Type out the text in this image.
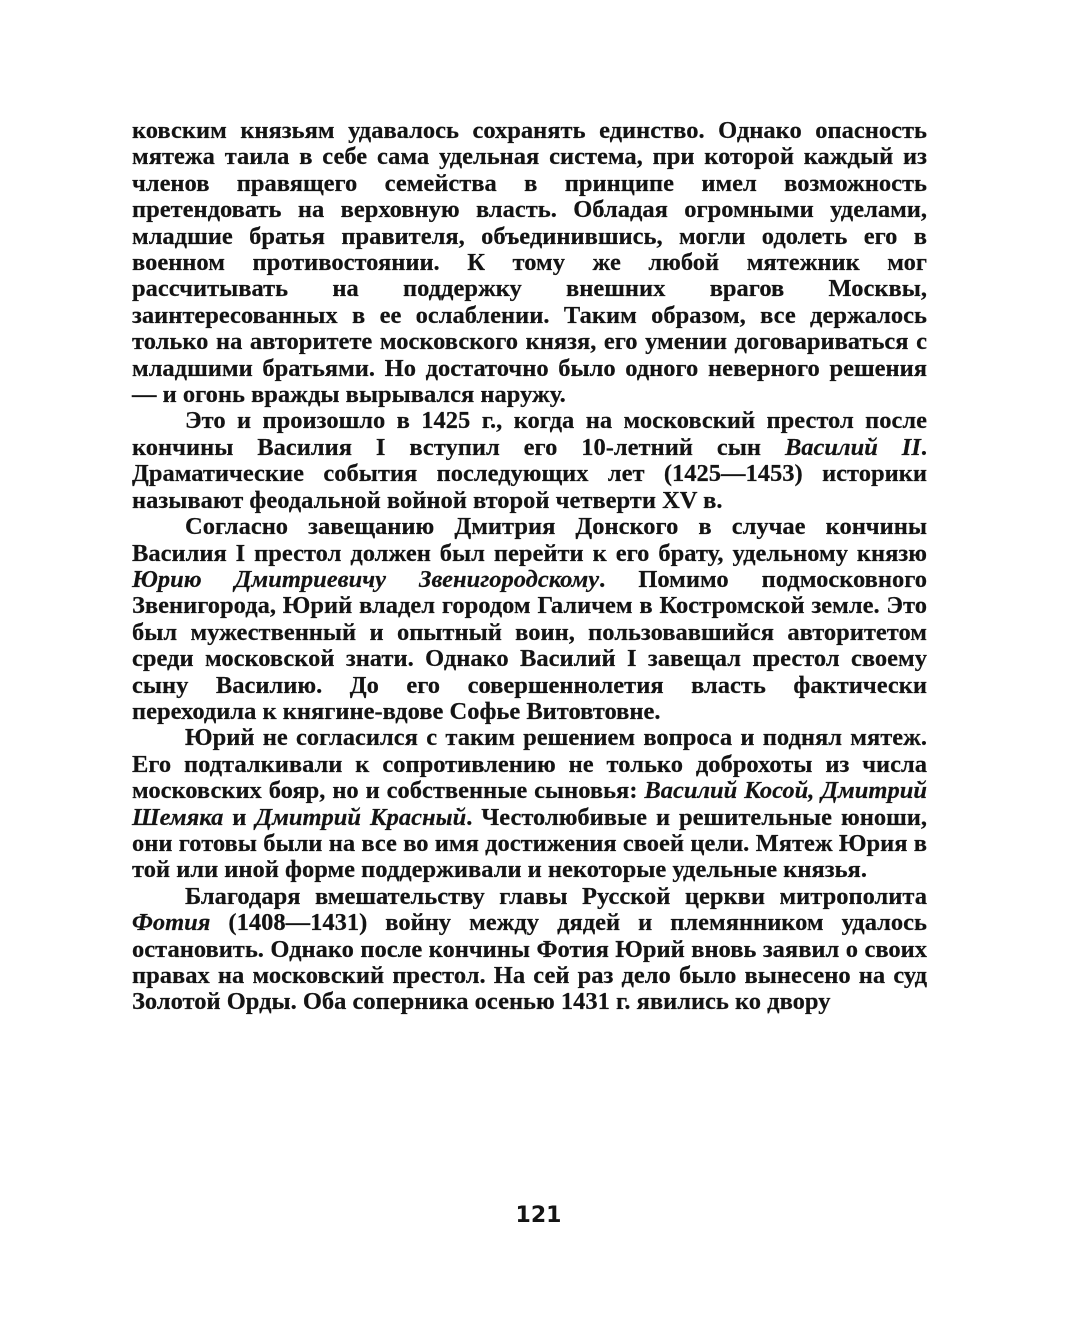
ковским князьям удавалось сохранять единство. Однако опасность мятежа таила в себе сама удельная система, при которой каждый из членов правящего семейства в принципе имел возможность претендовать на верховную власть. Обладая огромными уделами, младшие братья правителя, объединившись, могли одолеть его в военном противостоянии. К тому же любой мятежник мог рассчитывать на поддержку внешних врагов Москвы, заинтересованных в ее ослаблении. Таким образом, все держалось только на авторитете московского князя, его умении договариваться с младшими братьями. Но достаточно было одного неверного решения — и огонь вражды вырывался наружу.

Это и произошло в 1425 г., когда на московский престол после кончины Василия I вступил его 10-летний сын Василий II. Драматические события последующих лет (1425—1453) историки называют феодальной войной второй четверти XV в.

Согласно завещанию Дмитрия Донского в случае кончины Василия I престол должен был перейти к его брату, удельному князю Юрию Дмитриевичу Звенигородскому. Помимо подмосковного Звенигорода, Юрий владел городом Галичем в Костромской земле. Это был мужественный и опытный воин, пользовавшийся авторитетом среди московской знати. Однако Василий I завещал престол своему сыну Василию. До его совершеннолетия власть фактически переходила к княгине-вдове Софье Витовтовне.

Юрий не согласился с таким решением вопроса и поднял мятеж. Его подталкивали к сопротивлению не только доброхоты из числа московских бояр, но и собственные сыновья: Василий Косой, Дмитрий Шемяка и Дмитрий Красный. Честолюбивые и решительные юноши, они готовы были на все во имя достижения своей цели. Мятеж Юрия в той или иной форме поддерживали и некоторые удельные князья.

Благодаря вмешательству главы Русской церкви митрополита Фотия (1408—1431) войну между дядей и племянником удалось остановить. Однако после кончины Фотия Юрий вновь заявил о своих правах на московский престол. На сей раз дело было вынесено на суд Золотой Орды. Оба соперника осенью 1431 г. явились ко двору

121
